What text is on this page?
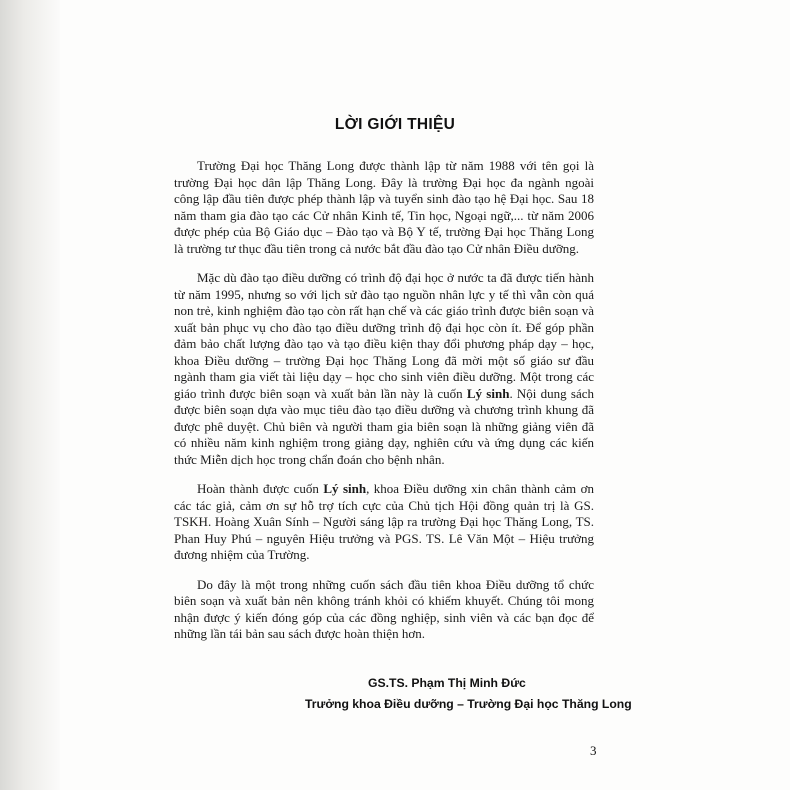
LỜI GIỚI THIỆU

Trường Đại học Thăng Long được thành lập từ năm 1988 với tên gọi là trường Đại học dân lập Thăng Long. Đây là trường Đại học đa ngành ngoài công lập đầu tiên được phép thành lập và tuyển sinh đào tạo hệ Đại học. Sau 18 năm tham gia đào tạo các Cử nhân Kinh tế, Tin học, Ngoại ngữ,... từ năm 2006 được phép của Bộ Giáo dục – Đào tạo và Bộ Y tế, trường Đại học Thăng Long là trường tư thục đầu tiên trong cả nước bắt đầu đào tạo Cử nhân Điều dưỡng.

Mặc dù đào tạo điều dưỡng có trình độ đại học ở nước ta đã được tiến hành từ năm 1995, nhưng so với lịch sử đào tạo nguồn nhân lực y tế thì vẫn còn quá non trẻ, kinh nghiệm đào tạo còn rất hạn chế và các giáo trình được biên soạn và xuất bản phục vụ cho đào tạo điều dưỡng trình độ đại học còn ít. Để góp phần đảm bảo chất lượng đào tạo và tạo điều kiện thay đổi phương pháp dạy – học, khoa Điều dưỡng – trường Đại học Thăng Long đã mời một số giáo sư đầu ngành tham gia viết tài liệu dạy – học cho sinh viên điều dưỡng. Một trong các giáo trình được biên soạn và xuất bản lần này là cuốn Lý sinh. Nội dung sách được biên soạn dựa vào mục tiêu đào tạo điều dưỡng và chương trình khung đã được phê duyệt. Chủ biên và người tham gia biên soạn là những giảng viên đã có nhiều năm kinh nghiệm trong giảng dạy, nghiên cứu và ứng dụng các kiến thức Miễn dịch học trong chẩn đoán cho bệnh nhân.

Hoàn thành được cuốn Lý sinh, khoa Điều dưỡng xin chân thành cảm ơn các tác giả, cảm ơn sự hỗ trợ tích cực của Chủ tịch Hội đồng quản trị là GS. TSKH. Hoàng Xuân Sính – Người sáng lập ra trường Đại học Thăng Long, TS. Phan Huy Phú – nguyên Hiệu trưởng và PGS. TS. Lê Văn Một – Hiệu trưởng đương nhiệm của Trường.

Do đây là một trong những cuốn sách đầu tiên khoa Điều dưỡng tổ chức biên soạn và xuất bản nên không tránh khỏi có khiếm khuyết. Chúng tôi mong nhận được ý kiến đóng góp của các đồng nghiệp, sinh viên và các bạn đọc để những lần tái bản sau sách được hoàn thiện hơn.

GS.TS. Phạm Thị Minh Đức
Trưởng khoa Điều dưỡng – Trường Đại học Thăng Long
3
